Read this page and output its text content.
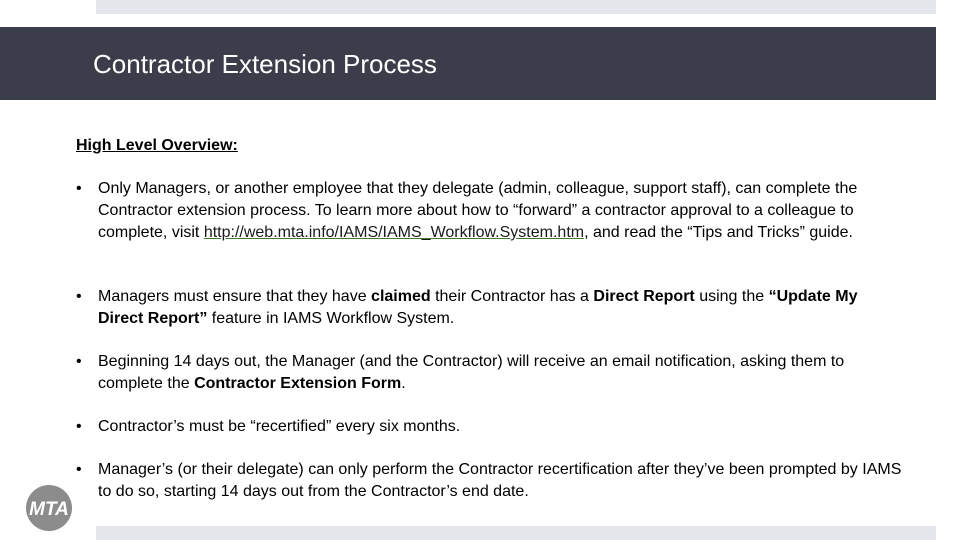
Contractor Extension Process
High Level Overview:
•	Only Managers, or another employee that they delegate (admin, colleague, support staff), can complete the Contractor extension process. To learn more about how to “forward” a contractor approval to a colleague to complete, visit http://web.mta.info/IAMS/IAMS_Workflow.System.htm, and read the “Tips and Tricks” guide.
•	Managers must ensure that they have claimed their Contractor has a Direct Report using the “Update My Direct Report” feature in IAMS Workflow System.
•	Beginning 14 days out, the Manager (and the Contractor) will receive an email notification, asking them to complete the Contractor Extension Form.
•	Contractor’s must be “recertified” every six months.
•	Manager’s (or their delegate) can only perform the Contractor recertification after they’ve been prompted by IAMS to do so, starting 14 days out from the Contractor’s end date.
MTA
